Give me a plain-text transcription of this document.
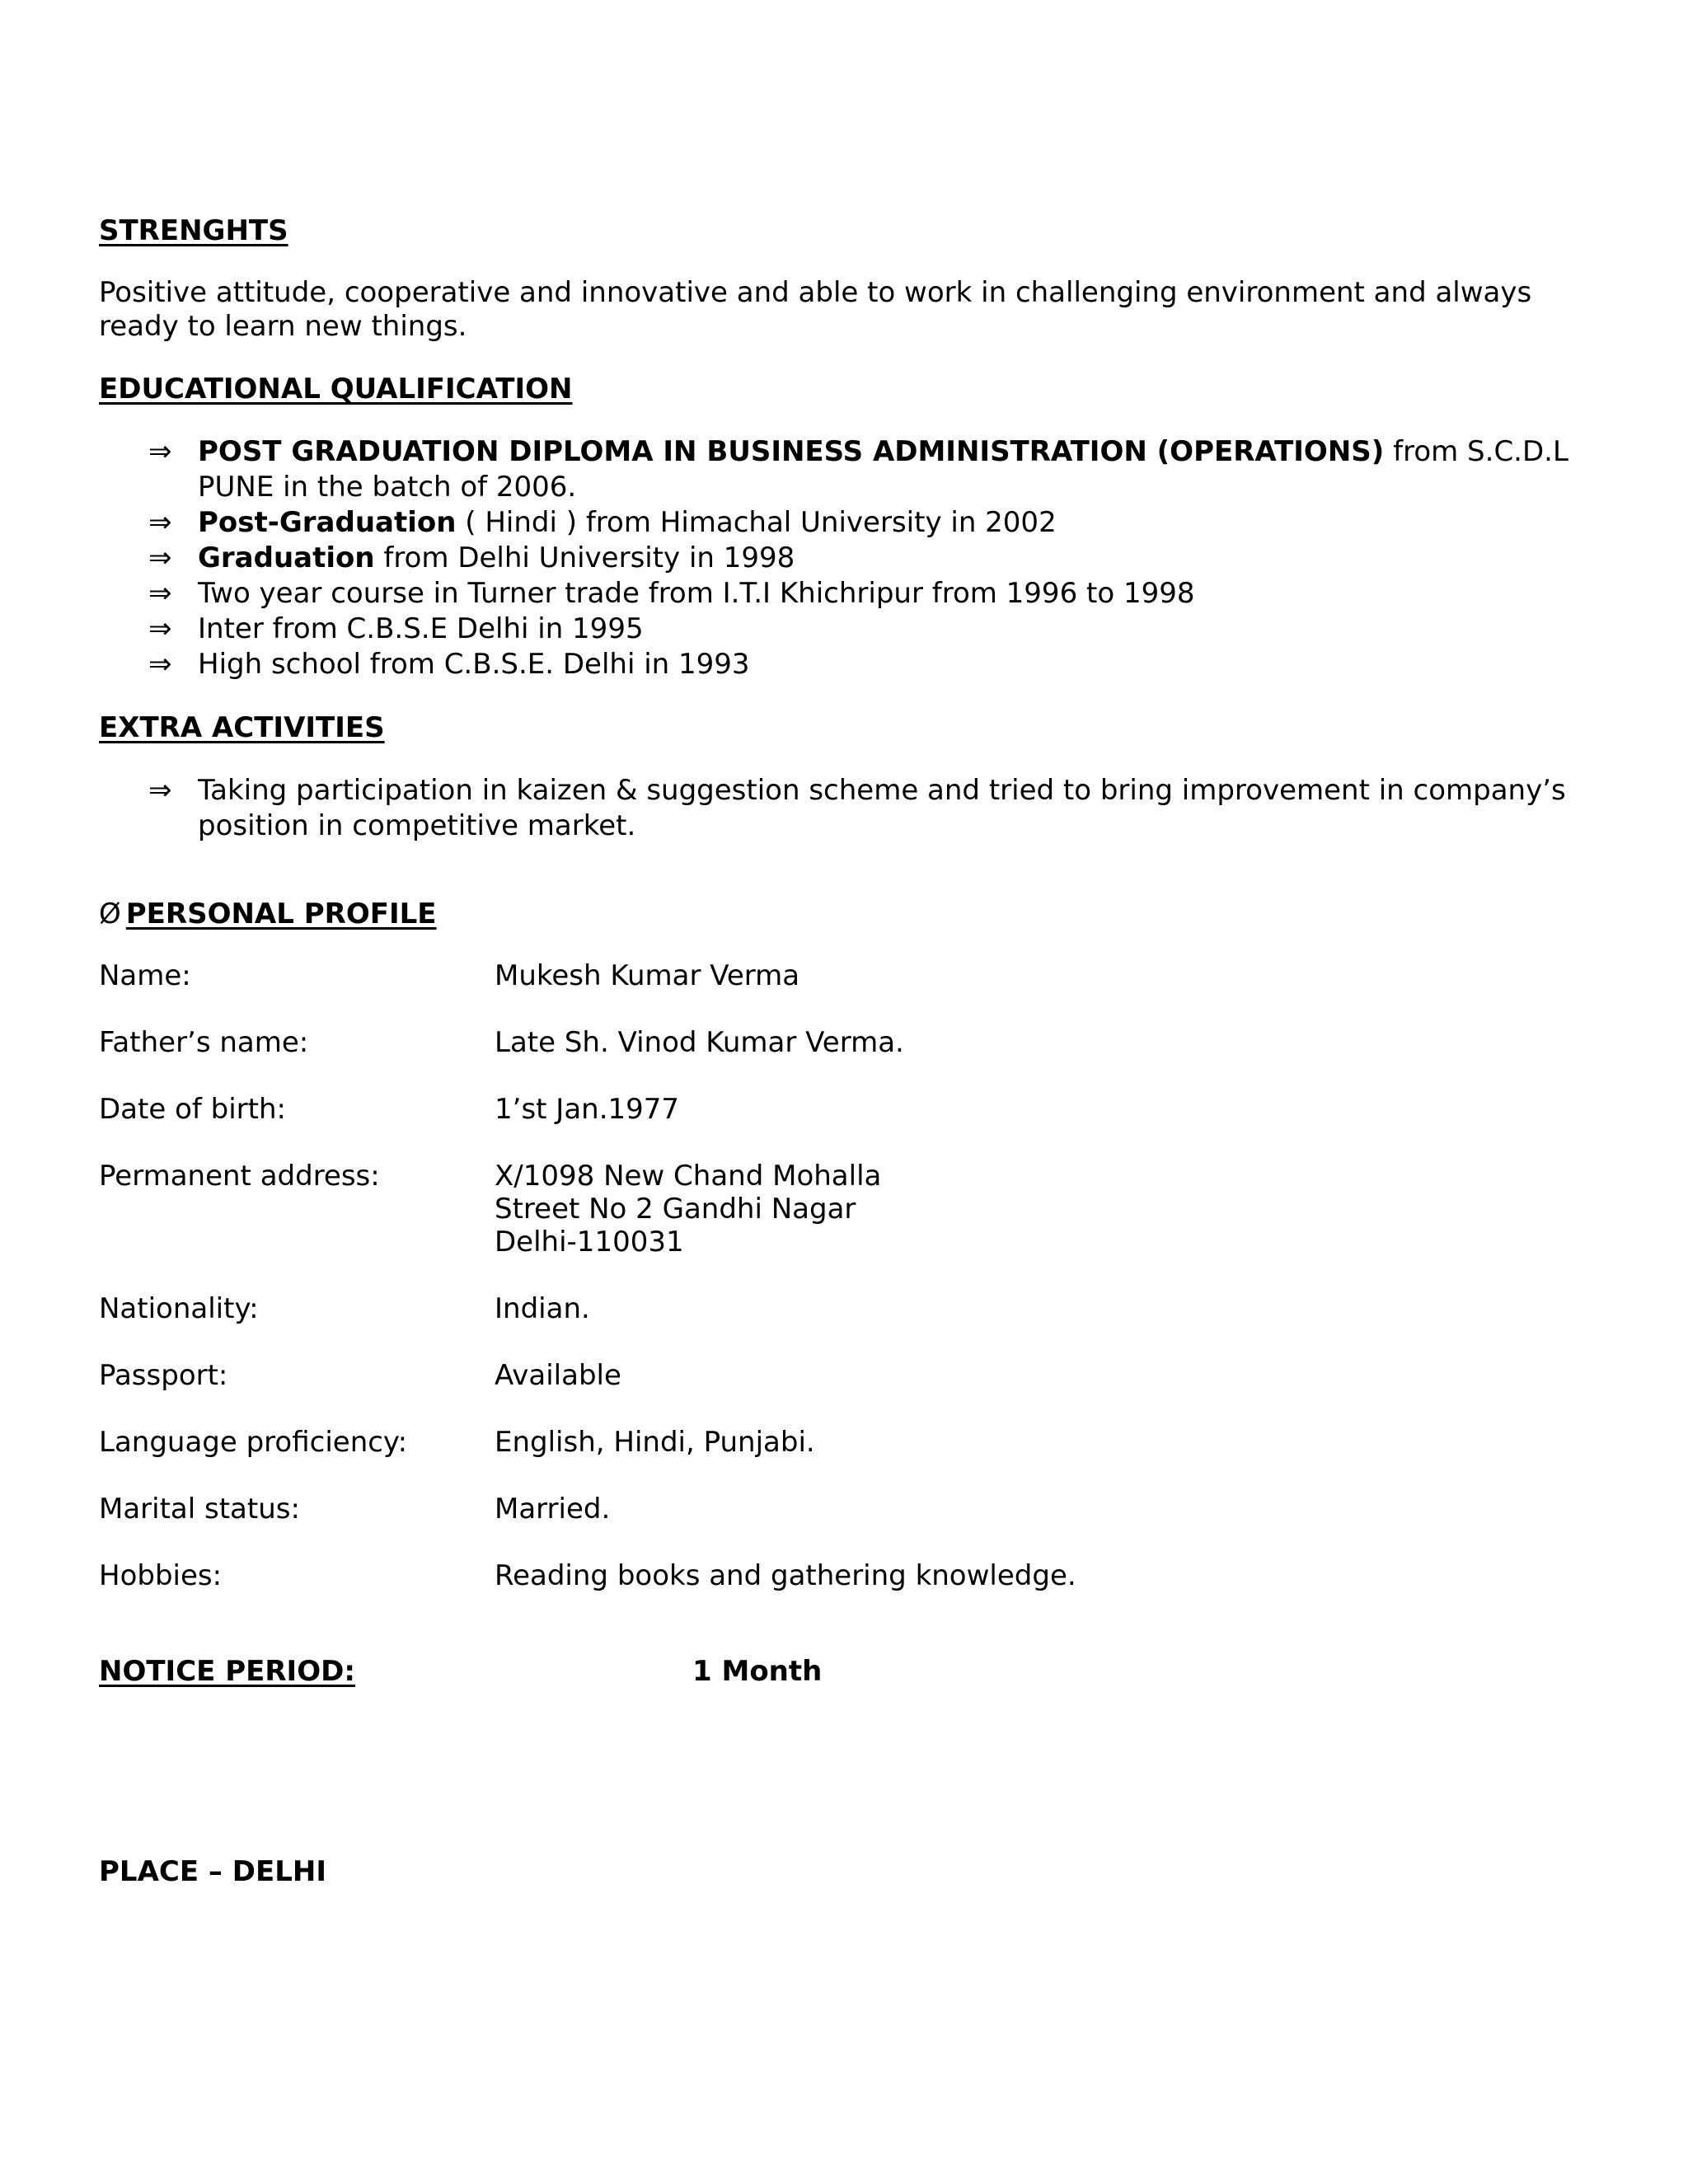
STRENGHTS

Positive attitude, cooperative and innovative and able to work in challenging environment and always ready to learn new things.

EDUCATIONAL QUALIFICATION
⇒ POST GRADUATION DIPLOMA IN BUSINESS ADMINISTRATION (OPERATIONS) from S.C.D.L PUNE in the batch of 2006.
⇒ Post-Graduation ( Hindi ) from Himachal University in 2002
⇒ Graduation from Delhi University in 1998
⇒ Two year course in Turner trade from I.T.I Khichripur from 1996 to 1998
⇒ Inter from C.B.S.E Delhi in 1995
⇒ High school from C.B.S.E. Delhi in 1993
EXTRA ACTIVITIES
⇒ Taking participation in kaizen & suggestion scheme and tried to bring improvement in company’s position in competitive market.
Ø PERSONAL PROFILE
Name:	Mukesh Kumar Verma
Father’s name:	Late Sh. Vinod Kumar Verma.
Date of birth:	1’st Jan.1977
Permanent address:	X/1098 New Chand Mohalla
Street No 2 Gandhi Nagar
Delhi-110031
Nationality:	Indian.
Passport:	Available
Language proficiency:	English, Hindi, Punjabi.
Marital status:	Married.
Hobbies:	Reading books and gathering knowledge.
NOTICE PERIOD:	1 Month
PLACE – DELHI
